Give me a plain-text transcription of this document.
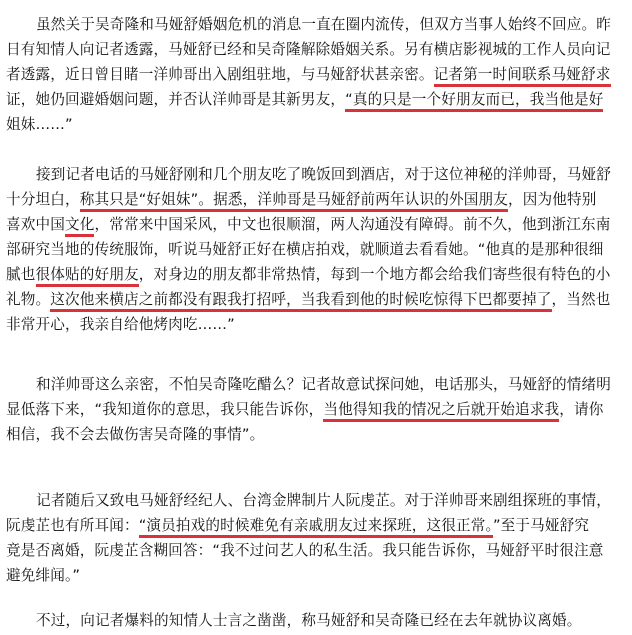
虽然关于吴奇隆和马娅舒婚姻危机的消息一直在圈内流传，但双方当事人始终不回应。昨
日有知情人向记者透露，马娅舒已经和吴奇隆解除婚姻关系。另有横店影视城的工作人员向记
者透露，近日曾目睹一洋帅哥出入剧组驻地，与马娅舒状甚亲密。记者第一时间联系马娅舒求
证，她仍回避婚姻问题，并否认洋帅哥是其新男友，“真的只是一个好朋友而已，我当他是好
姐妹……”
接到记者电话的马娅舒刚和几个朋友吃了晚饭回到酒店，对于这位神秘的洋帅哥，马娅舒
十分坦白，称其只是“好姐妹”。据悉，洋帅哥是马娅舒前两年认识的外国朋友，因为他特别
喜欢中国文化，常常来中国采风，中文也很顺溜，两人沟通没有障碍。前不久，他到浙江东南
部研究当地的传统服饰，听说马娅舒正好在横店拍戏，就顺道去看看她。“他真的是那种很细
腻也很体贴的好朋友，对身边的朋友都非常热情，每到一个地方都会给我们寄些很有特色的小
礼物。这次他来横店之前都没有跟我打招呼，当我看到他的时候吃惊得下巴都要掉了，当然也
非常开心，我亲自给他烤肉吃……”
和洋帅哥这么亲密，不怕吴奇隆吃醋么？记者故意试探问她，电话那头，马娅舒的情绪明
显低落下来，“我知道你的意思，我只能告诉你，当他得知我的情况之后就开始追求我，请你
相信，我不会去做伤害吴奇隆的事情”。
记者随后又致电马娅舒经纪人、台湾金牌制片人阮虔芷。对于洋帅哥来剧组探班的事情，
阮虔芷也有所耳闻：“演员拍戏的时候难免有亲戚朋友过来探班，这很正常。”至于马娅舒究
竟是否离婚，阮虔芷含糊回答：“我不过问艺人的私生活。我只能告诉你，马娅舒平时很注意
避免绯闻。”
不过，向记者爆料的知情人士言之凿凿，称马娅舒和吴奇隆已经在去年就协议离婚。
